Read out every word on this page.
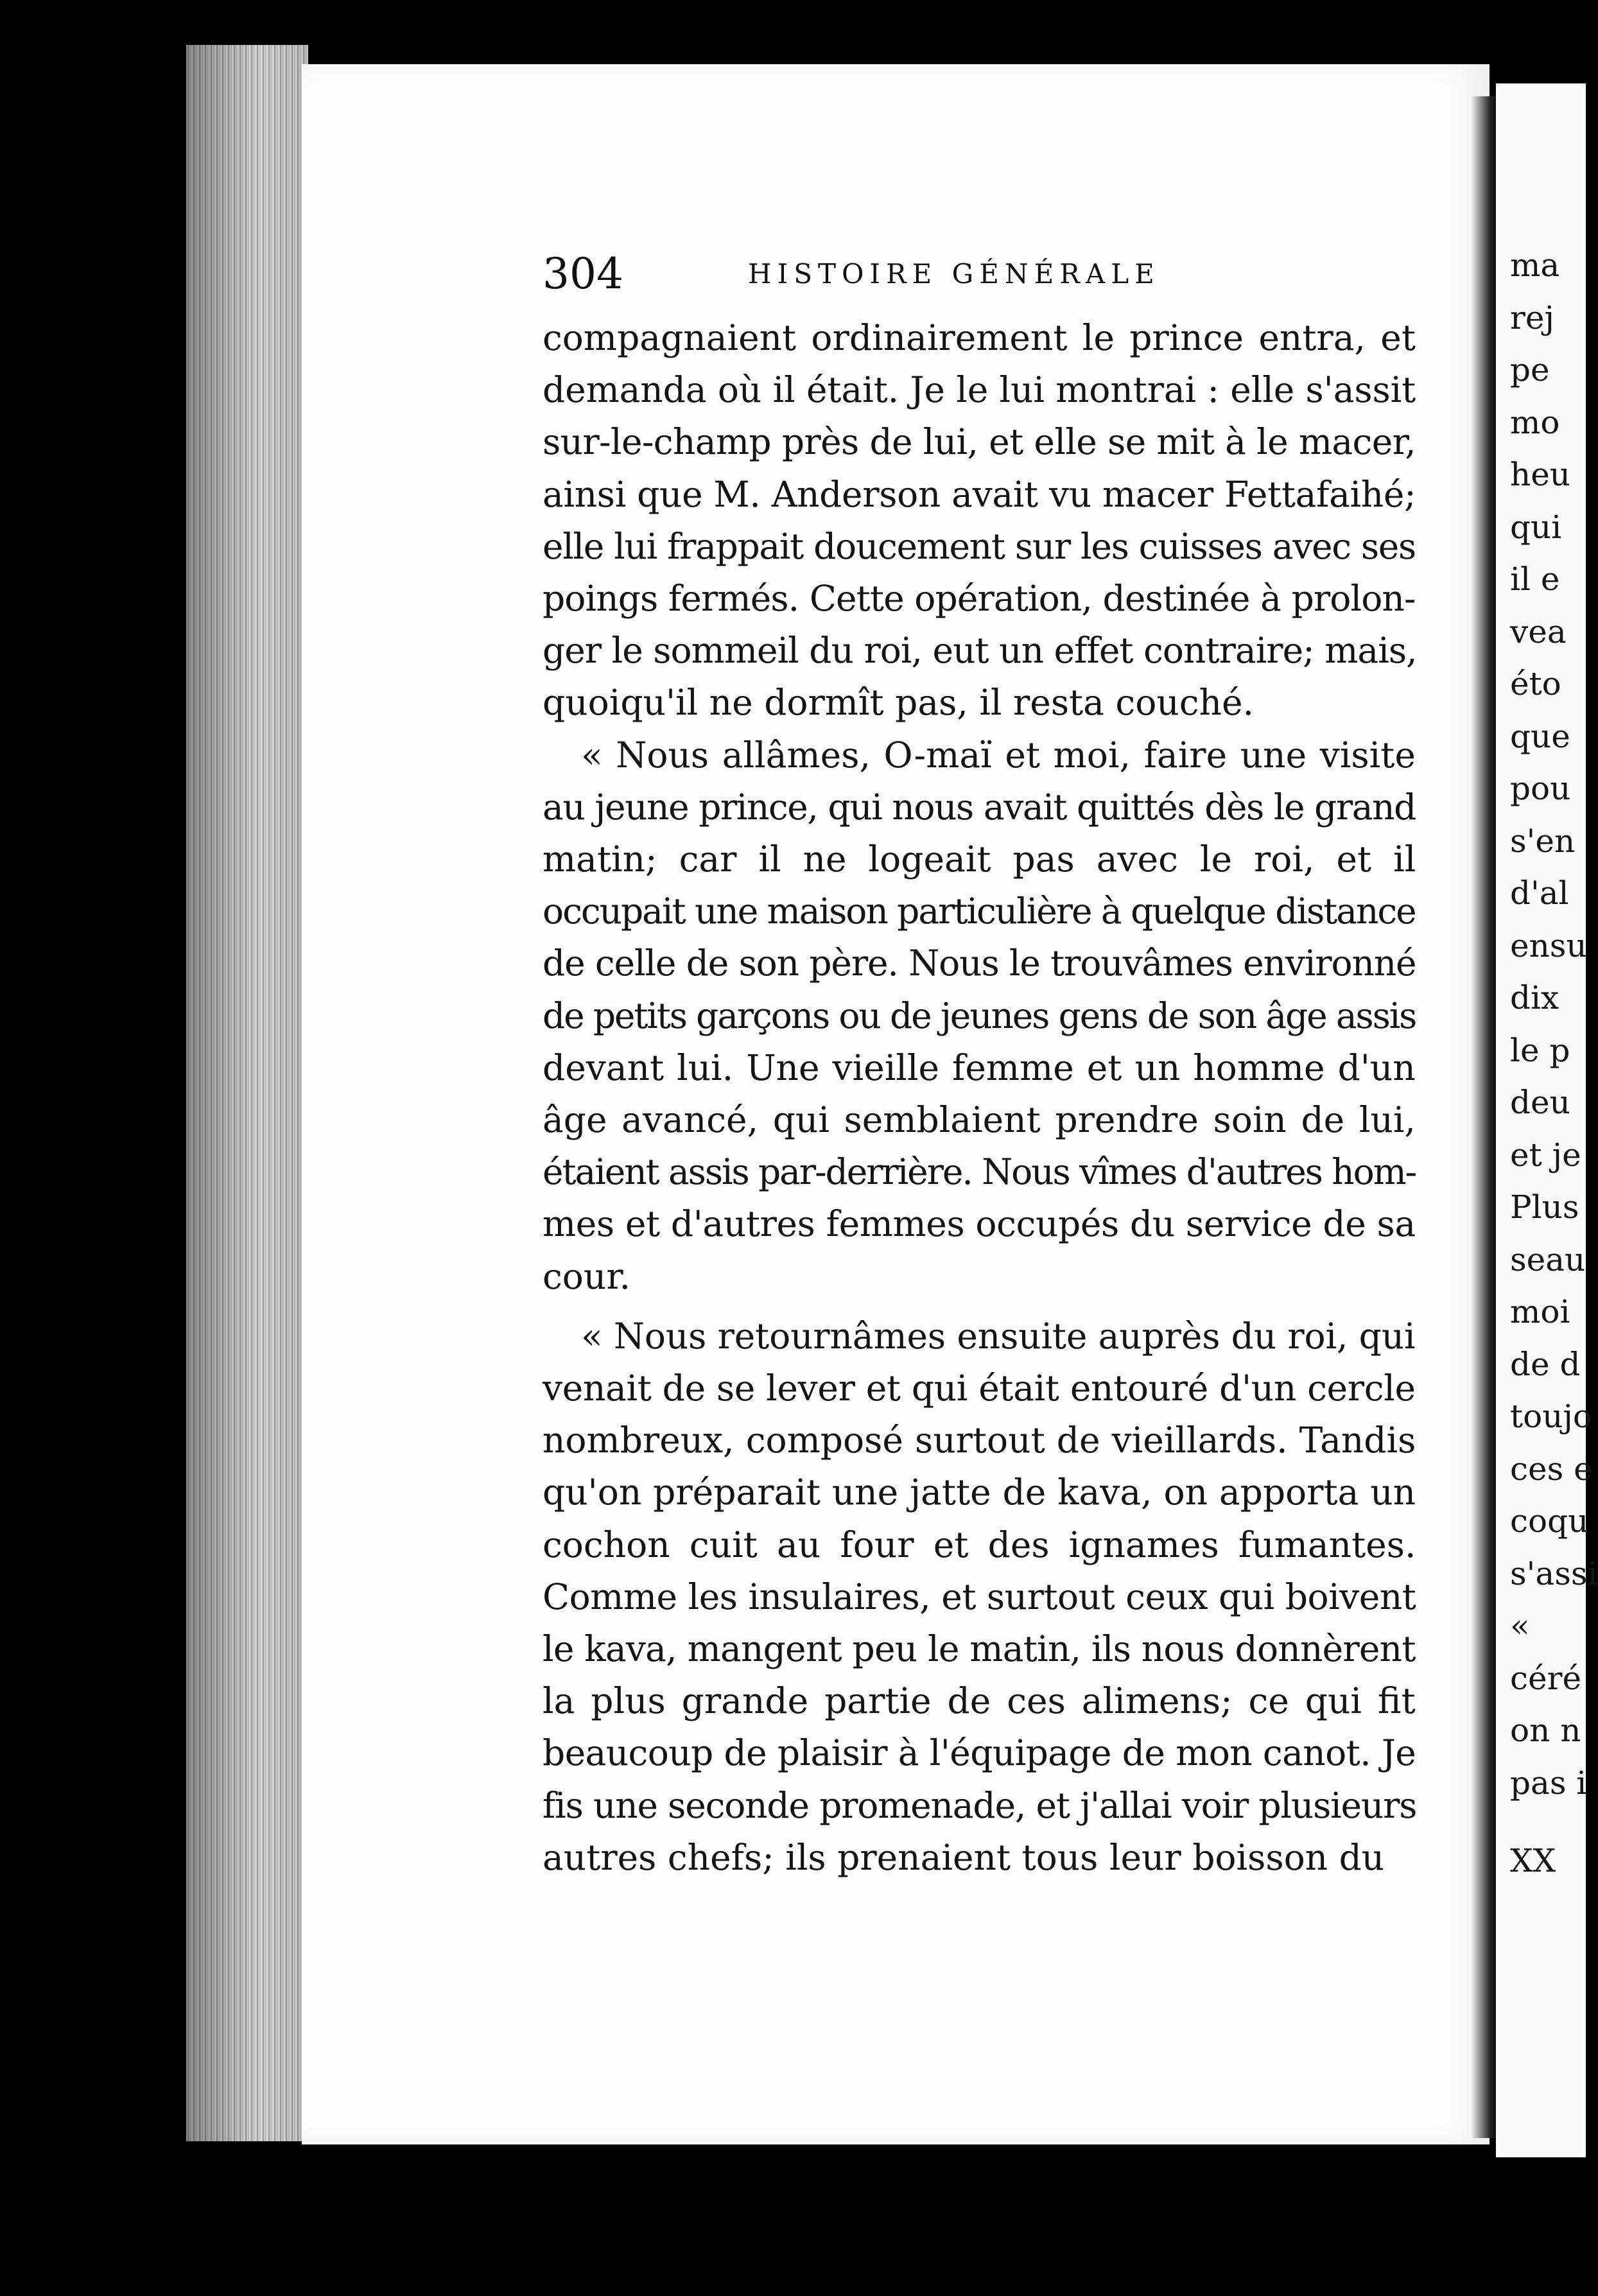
ma
rej
pe
mo
heu
qui
il e
vea
éto
que
pou
s'en
d'al
ensu
dix
le p
deu
et je
Plus
seau
moi
de d
toujo
ces e
coqu
s'assi
«
céré
on n
pas i
XX
304	HISTOIRE GÉNÉRALE
compagnaient ordinairement le prince entra, et
demanda où il était. Je le lui montrai : elle s'assit
sur-le-champ près de lui, et elle se mit à le macer,
ainsi que M. Anderson avait vu macer Fettafaihé;
elle lui frappait doucement sur les cuisses avec ses
poings fermés. Cette opération, destinée à prolon-
ger le sommeil du roi, eut un effet contraire; mais,
quoiqu'il ne dormît pas, il resta couché.
« Nous allâmes, O-maï et moi, faire une visite
au jeune prince, qui nous avait quittés dès le grand
matin; car il ne logeait pas avec le roi, et il
occupait une maison particulière à quelque distance
de celle de son père. Nous le trouvâmes environné
de petits garçons ou de jeunes gens de son âge assis
devant lui. Une vieille femme et un homme d'un
âge avancé, qui semblaient prendre soin de lui,
étaient assis par-derrière. Nous vîmes d'autres hom-
mes et d'autres femmes occupés du service de sa
cour.
« Nous retournâmes ensuite auprès du roi, qui
venait de se lever et qui était entouré d'un cercle
nombreux, composé surtout de vieillards. Tandis
qu'on préparait une jatte de kava, on apporta un
cochon cuit au four et des ignames fumantes.
Comme les insulaires, et surtout ceux qui boivent
le kava, mangent peu le matin, ils nous donnèrent
la plus grande partie de ces alimens; ce qui fit
beaucoup de plaisir à l'équipage de mon canot. Je
fis une seconde promenade, et j'allai voir plusieurs
autres chefs; ils prenaient tous leur boisson du
